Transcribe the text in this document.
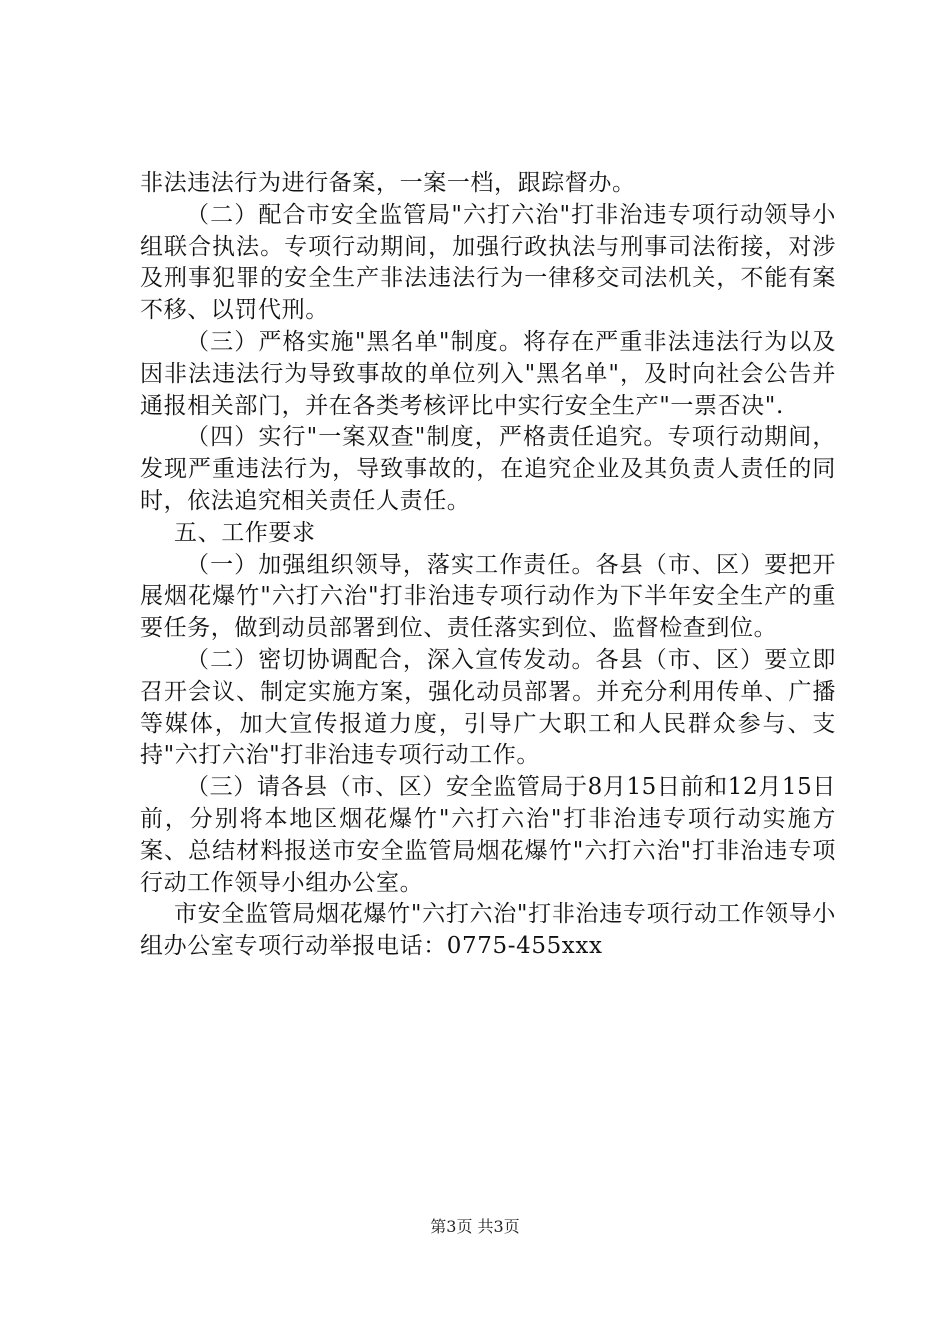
非法违法行为进行备案，一案一档，跟踪督办。

（二）配合市安全监管局"六打六治"打非治违专项行动领导小组联合执法。专项行动期间，加强行政执法与刑事司法衔接，对涉及刑事犯罪的安全生产非法违法行为一律移交司法机关，不能有案不移、以罚代刑。

（三）严格实施"黑名单"制度。将存在严重非法违法行为以及因非法违法行为导致事故的单位列入"黑名单"，及时向社会公告并通报相关部门，并在各类考核评比中实行安全生产"一票否决".

（四）实行"一案双查"制度，严格责任追究。专项行动期间，发现严重违法行为，导致事故的，在追究企业及其负责人责任的同时，依法追究相关责任人责任。

五、工作要求

（一）加强组织领导，落实工作责任。各县（市、区）要把开展烟花爆竹"六打六治"打非治违专项行动作为下半年安全生产的重要任务，做到动员部署到位、责任落实到位、监督检查到位。

（二）密切协调配合，深入宣传发动。各县（市、区）要立即召开会议、制定实施方案，强化动员部署。并充分利用传单、广播等媒体，加大宣传报道力度，引导广大职工和人民群众参与、支持"六打六治"打非治违专项行动工作。

（三）请各县（市、区）安全监管局于8月15日前和12月15日前，分别将本地区烟花爆竹"六打六治"打非治违专项行动实施方案、总结材料报送市安全监管局烟花爆竹"六打六治"打非治违专项行动工作领导小组办公室。

市安全监管局烟花爆竹"六打六治"打非治违专项行动工作领导小组办公室专项行动举报电话：0775-455xxx

第3页 共3页
